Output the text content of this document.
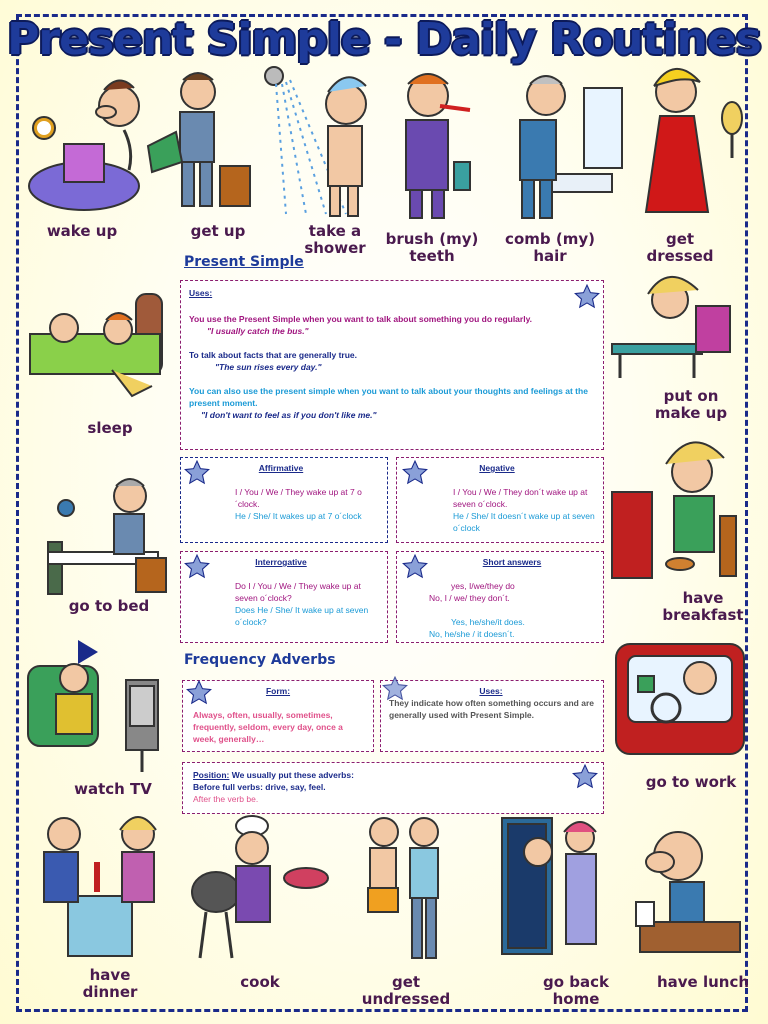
Present Simple - Daily Routines
wake up	get up	take a
shower	brush (my)
teeth
comb (my)
hair
get
dressed
sleep
go to bed
watch TV
put on
make up
have
breakfast
go to work
have
dinner
cook	get
undressed
go back
home
have lunch
Present Simple
Uses:
You use the Present Simple when you want to talk about something you do regularly.
"I usually catch the bus."
To talk about facts that are generally true.
"The sun rises every day."
You can also use the present simple when you want to talk about your thoughts and feelings at the present moment.
"I don't want to feel as if you don't like me."
Affirmative
I / You / We / They wake up at 7 o´clock.
He / She/ It wakes up at 7 o´clock
Negative
I / You / We / They don´t wake up at seven o´clock.
He / She/ It doesn´t wake up at seven o´clock
Interrogative
Do I / You / We / They wake up at seven o´clock?
Does He / She/ It wake up at seven o´clock?
Short answers
yes, I/we/they do
No, I / we/ they don´t.
Yes, he/she/it does.
No, he/she / it doesn´t.
Frequency Adverbs
Form:
Always, often, usually, sometimes, frequently, seldom, every day, once a week, generally…
Uses:
They indicate how often something occurs and are generally used with Present Simple.
Position: We usually put these adverbs:
Before full verbs: drive, say, feel.
After the verb be.
